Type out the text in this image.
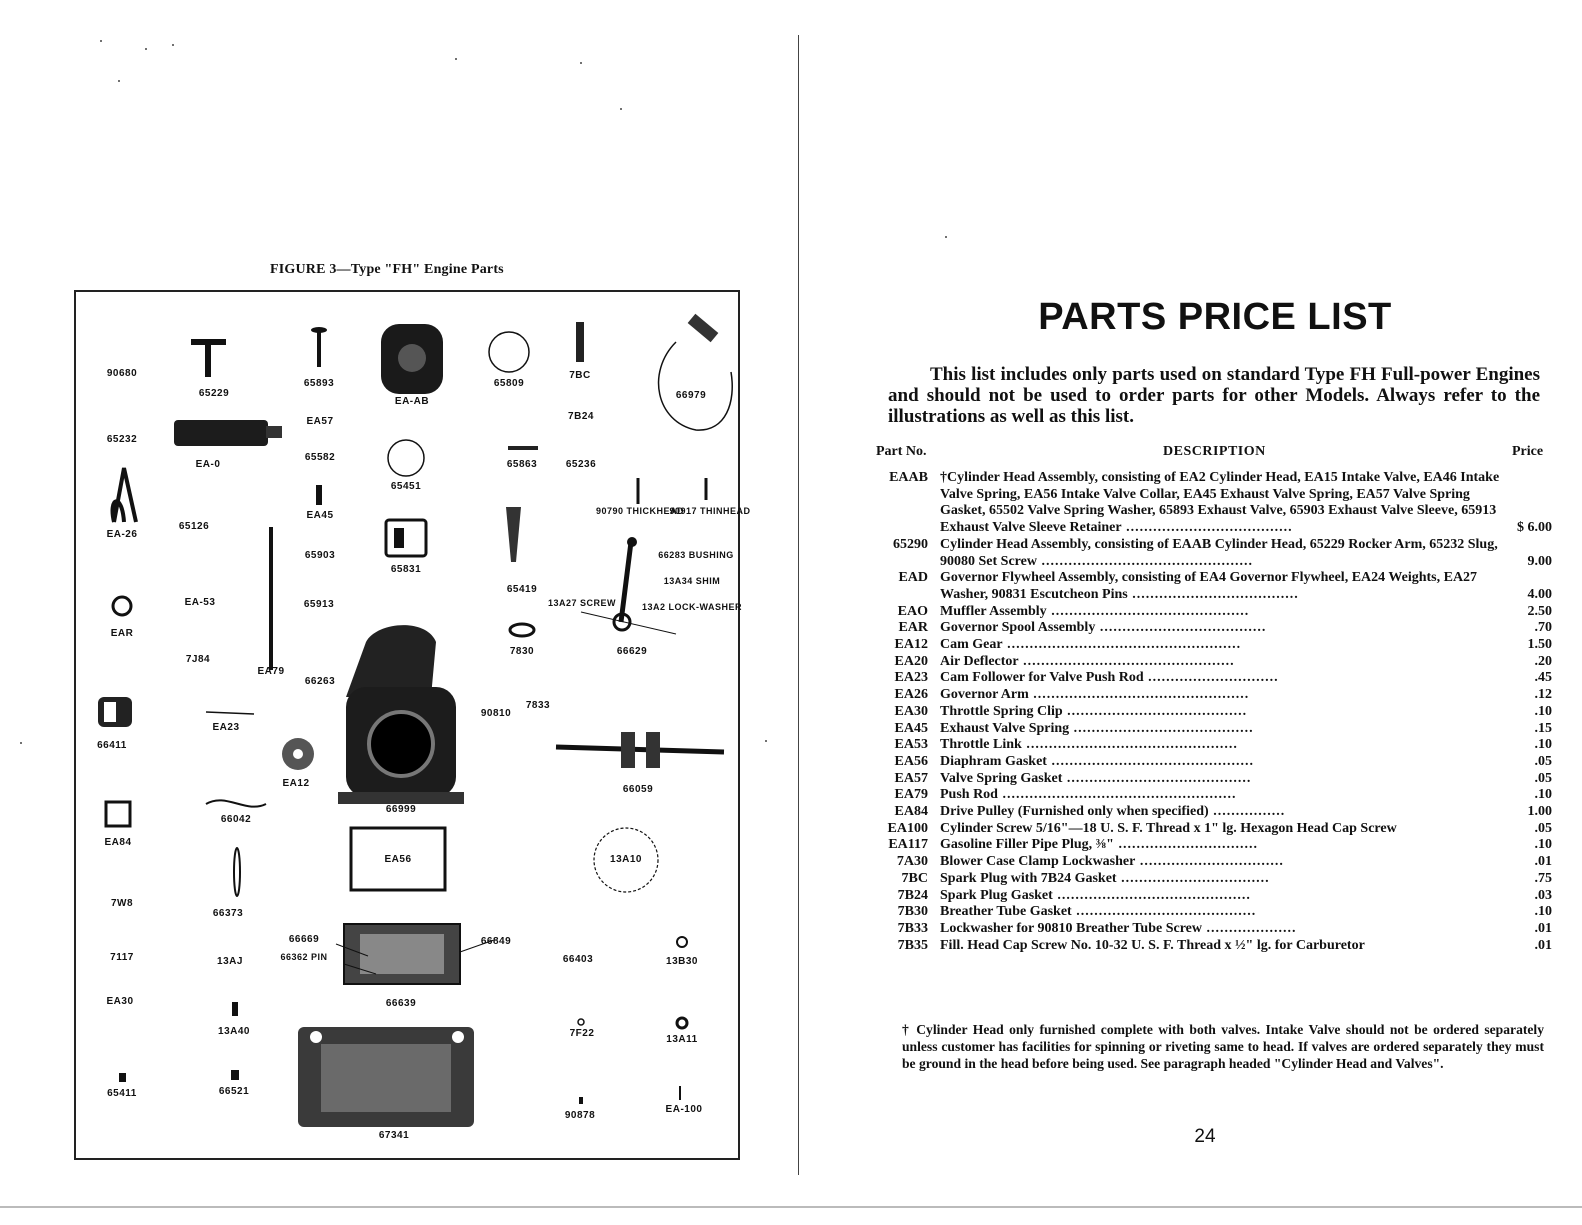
FIGURE 3—Type "FH" Engine Parts
90680
65229
65893
EA-AB
65809
7BC
66979
65232
EA-0
EA57
65582
65451
7B24
65863	65236
EA-26
65126
EA45
65903
65831
90790 THICKHEAD
90917 THINHEAD
EA-53	65913
65419
66283 BUSHING
13A34 SHIM
13A27 SCREW	13A2 LOCK-WASHER
EAR
7J84
EA79
66263
7830	66629
66411
EA23
90810
7833
EA12
66999
66059
EA84
66042
EA56	13A10
7W8
66373
66669
66362 PIN
66849
66403	13B30
7117	13AJ
66639
EA30
13A40	7F22
13A11
65411	66521
67341
90878
EA-100
PARTS PRICE LIST
This list includes only parts used on standard Type FH Full-power Engines and should not be used to order parts for other Models. Always refer to the illustrations as well as this list.
Part No.	DESCRIPTION	Price
EAAB †Cylinder Head Assembly, consisting of EA2 Cylinder Head, EA15 Intake Valve, EA46 Intake Valve Spring, EA56 Intake Valve Collar, EA45 Exhaust Valve Spring, EA57 Valve Spring Gasket, 65502 Valve Spring Washer, 65893 Exhaust Valve, 65903 Exhaust Valve Sleeve, 65913 Exhaust Valve Sleeve Retainer .....................................	$ 6.00
65290 Cylinder Head Assembly, consisting of EAAB Cylinder Head, 65229 Rocker Arm, 65232 Slug, 90080 Set Screw ...............................................	9.00
EAD Governor Flywheel Assembly, consisting of EA4 Governor Flywheel, EA24 Weights, EA27 Washer, 90831 Escutcheon Pins .....................................	4.00
EAO Muffler Assembly ............................................	2.50
EAR Governor Spool Assembly .....................................	.70
EA12 Cam Gear ....................................................	1.50
EA20 Air Deflector ...............................................	.20
EA23 Cam Follower for Valve Push Rod .............................	.45
EA26 Governor Arm ................................................	.12
EA30 Throttle Spring Clip ........................................	.10
EA45 Exhaust Valve Spring ........................................	.15
EA53 Throttle Link ...............................................	.10
EA56 Diaphram Gasket .............................................	.05
EA57 Valve Spring Gasket .........................................	.05
EA79 Push Rod ....................................................	.10
EA84 Drive Pulley (Furnished only when specified) ................	1.00
EA100 Cylinder Screw 5/16"—18 U. S. F. Thread x 1" lg. Hexagon Head Cap Screw	.05
EA117 Gasoline Filler Pipe Plug, ⅜" ...............................	.10
7A30 Blower Case Clamp Lockwasher ................................	.01
7BC Spark Plug with 7B24 Gasket .................................	.75
7B24 Spark Plug Gasket ...........................................	.03
7B30 Breather Tube Gasket ........................................	.10
7B33 Lockwasher for 90810 Breather Tube Screw ....................	.01
7B35 Fill. Head Cap Screw No. 10-32 U. S. F. Thread x ½" lg. for Carburetor	.01
† Cylinder Head only furnished complete with both valves. Intake Valve should not be ordered separately unless customer has facilities for spinning or riveting same to head. If valves are ordered separately they must be ground in the head before being used. See paragraph headed "Cylinder Head and Valves".
24
